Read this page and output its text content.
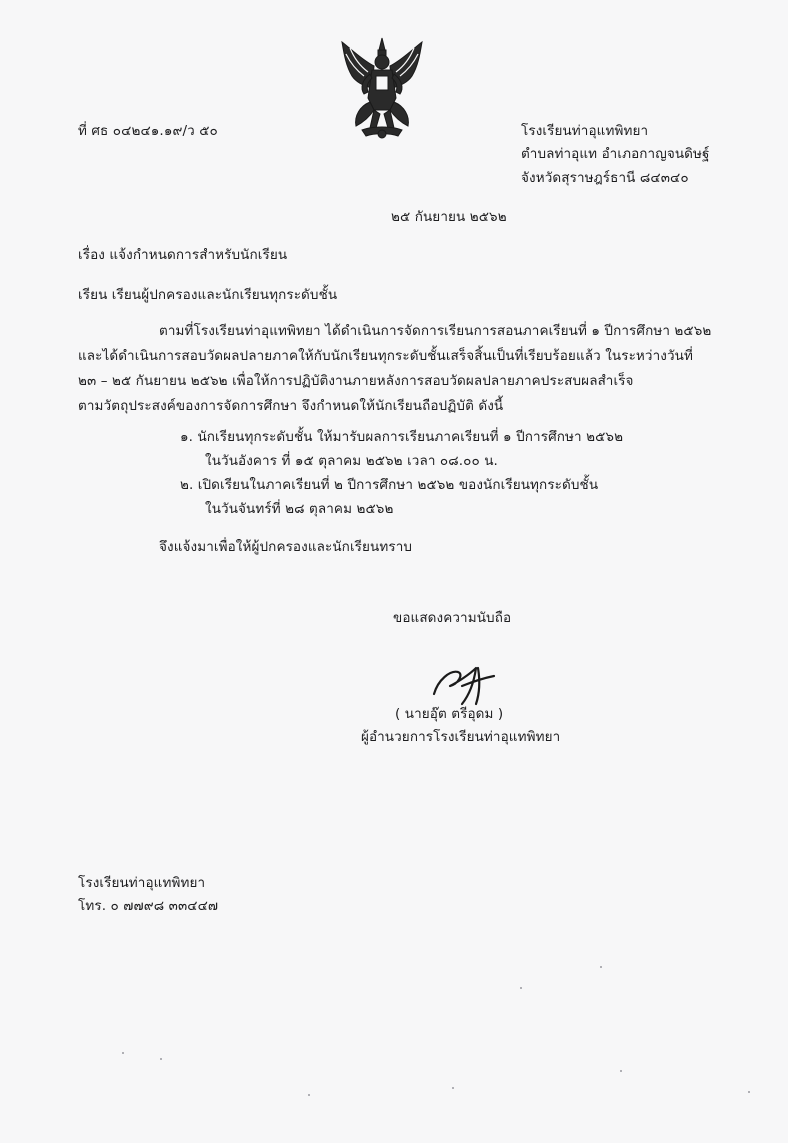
ที่ ศธ ๐๔๒๔๑.๑๙/ว ๕๐	โรงเรียนท่าอุแทพิทยา
ตำบลท่าอุแท อำเภอกาญจนดิษฐ์
จังหวัดสุราษฎร์ธานี ๘๔๓๔๐
๒๕ กันยายน ๒๕๖๒
เรื่อง แจ้งกำหนดการสำหรับนักเรียน
เรียน เรียนผู้ปกครองและนักเรียนทุกระดับชั้น
ตามที่โรงเรียนท่าอุแทพิทยา ได้ดำเนินการจัดการเรียนการสอนภาคเรียนที่ ๑ ปีการศึกษา ๒๕๖๒
และได้ดำเนินการสอบวัดผลปลายภาคให้กับนักเรียนทุกระดับชั้นเสร็จสิ้นเป็นที่เรียบร้อยแล้ว ในระหว่างวันที่
๒๓ – ๒๕ กันยายน ๒๕๖๒ เพื่อให้การปฏิบัติงานภายหลังการสอบวัดผลปลายภาคประสบผลสำเร็จ
ตามวัตถุประสงค์ของการจัดการศึกษา จึงกำหนดให้นักเรียนถือปฏิบัติ ดังนี้
๑. นักเรียนทุกระดับชั้น ให้มารับผลการเรียนภาคเรียนที่ ๑ ปีการศึกษา ๒๕๖๒
ในวันอังคาร ที่ ๑๕ ตุลาคม ๒๕๖๒ เวลา ๐๘.๐๐ น.
๒. เปิดเรียนในภาคเรียนที่ ๒ ปีการศึกษา ๒๕๖๒ ของนักเรียนทุกระดับชั้น
ในวันจันทร์ที่ ๒๘ ตุลาคม ๒๕๖๒
จึงแจ้งมาเพื่อให้ผู้ปกครองและนักเรียนทราบ
ขอแสดงความนับถือ
( นายอุ๊ต ตรีอุดม )
ผู้อำนวยการโรงเรียนท่าอุแทพิทยา
โรงเรียนท่าอุแทพิทยา
โทร. ๐ ๗๗๙๘ ๓๓๔๔๗
